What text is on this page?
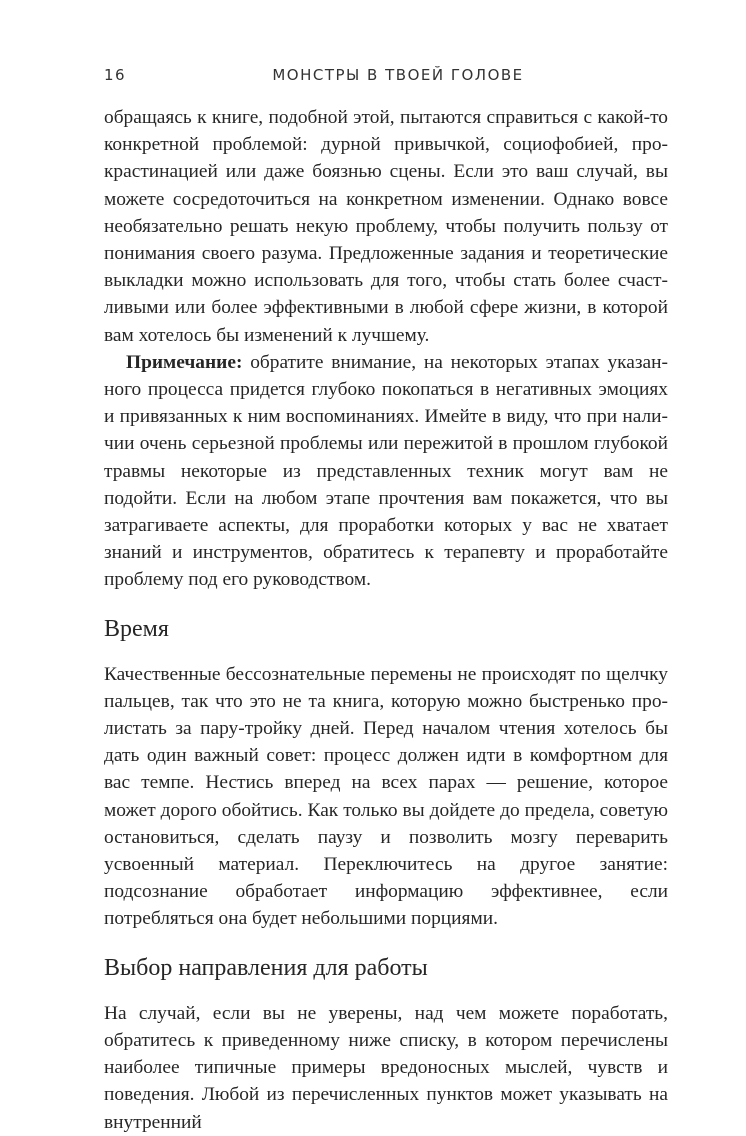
16	МОНСТРЫ В ТВОЕЙ ГОЛОВЕ

обращаясь к книге, подобной этой, пытаются справиться с какой-то конкретной проблемой: дурной привычкой, социофобией, прокрастинацией или даже боязнью сцены. Если это ваш случай, вы можете сосредоточиться на конкретном изменении. Однако вовсе необязательно решать некую проблему, чтобы получить пользу от понимания своего разума. Предложенные задания и теоретические выкладки можно использовать для того, чтобы стать более счастливыми или более эффективными в любой сфере жизни, в которой вам хотелось бы изменений к лучшему.

Примечание: обратите внимание, на некоторых этапах указанного процесса придется глубоко покопаться в негативных эмоциях и привязанных к ним воспоминаниях. Имейте в виду, что при наличии очень серьезной проблемы или пережитой в прошлом глубокой травмы некоторые из представленных техник могут вам не подойти. Если на любом этапе прочтения вам покажется, что вы затрагиваете аспекты, для проработки которых у вас не хватает знаний и инструментов, обратитесь к терапевту и проработайте проблему под его руководством.

Время

Качественные бессознательные перемены не происходят по щелчку пальцев, так что это не та книга, которую можно быстренько пролистать за пару-тройку дней. Перед началом чтения хотелось бы дать один важный совет: процесс должен идти в комфортном для вас темпе. Нестись вперед на всех парах — решение, которое может дорого обойтись. Как только вы дойдете до предела, советую остановиться, сделать паузу и позволить мозгу переварить усвоенный материал. Переключитесь на другое занятие: подсознание обработает информацию эффективнее, если потребляться она будет небольшими порциями.

Выбор направления для работы

На случай, если вы не уверены, над чем можете поработать, обратитесь к приведенному ниже списку, в котором перечислены наиболее типичные примеры вредоносных мыслей, чувств и поведения. Любой из перечисленных пунктов может указывать на внутренний
